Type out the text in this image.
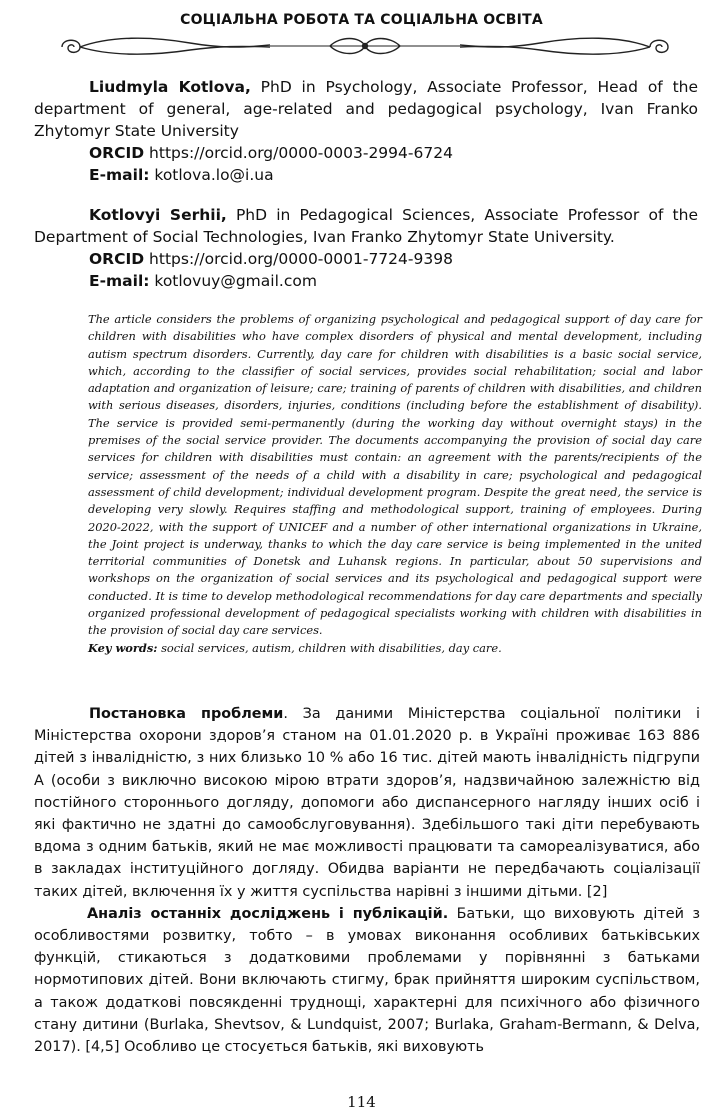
СОЦІАЛЬНА РОБОТА ТА СОЦІАЛЬНА ОСВІТА
Liudmyla Kotlova, PhD in Psychology, Associate Professor, Head of the department of general, age-related and pedagogical psychology, Ivan Franko Zhytomyr State University
ORCID https://orcid.org/0000-0003-2994-6724
E-mail: kotlova.lo@i.ua
Kotlovyi Serhii, PhD in Pedagogical Sciences, Associate Professor of the Department of Social Technologies, Ivan Franko Zhytomyr State University.
ORCID https://orcid.org/0000-0001-7724-9398
E-mail: kotlovuy@gmail.com
The article considers the problems of organizing psychological and pedagogical support of day care for children with disabilities who have complex disorders of physical and mental development, including autism spectrum disorders. Currently, day care for children with disabilities is a basic social service, which, according to the classifier of social services, provides social rehabilitation; social and labor adaptation and organization of leisure; care; training of parents of children with disabilities, and children with serious diseases, disorders, injuries, conditions (including before the establishment of disability). The service is provided semi-permanently (during the working day without overnight stays) in the premises of the social service provider. The documents accompanying the provision of social day care services for children with disabilities must contain: an agreement with the parents/recipients of the service; assessment of the needs of a child with a disability in care; psychological and pedagogical assessment of child development; individual development program. Despite the great need, the service is developing very slowly. Requires staffing and methodological support, training of employees. During 2020-2022, with the support of UNICEF and a number of other international organizations in Ukraine, the Joint project is underway, thanks to which the day care service is being implemented in the united territorial communities of Donetsk and Luhansk regions. In particular, about 50 supervisions and workshops on the organization of social services and its psychological and pedagogical support were conducted. It is time to develop methodological recommendations for day care departments and specially organized professional development of pedagogical specialists working with children with disabilities in the provision of social day care services.
Key words: social services, autism, children with disabilities, day care.

Постановка проблеми. За даними Міністерства соціальної політики і Міністерства охорони здоров’я станом на 01.01.2020 р. в Україні проживає 163 886 дітей з інвалідністю, з них близько 10 % або 16 тис. дітей мають інвалідність підгрупи А (особи з виключно високою мірою втрати здоров’я, надзвичайною залежністю від постійного стороннього догляду, допомоги або диспансерного нагляду інших осіб і які фактично не здатні до самообслуговування). Здебільшого такі діти перебувають вдома з одним батьків, який не має можливості працювати та самореалізуватися, або в закладах інституційного догляду. Обидва варіанти не передбачають соціалізації таких дітей, включення їх у життя суспільства нарівні з іншими дітьми. [2]

Аналіз останніх досліджень і публікацій. Батьки, що виховують дітей з особливостями розвитку, тобто – в умовах виконання особливих батьківських функцій, стикаються з додатковими проблемами у порівнянні з батьками нормотипових дітей. Вони включають стигму, брак прийняття широким суспільством, а також додаткові повсякденні труднощі, характерні для психічного або фізичного стану дитини (Burlaka, Shevtsov, & Lundquist, 2007; Burlaka, Graham-Bermann, & Delva, 2017). [4,5] Особливо це стосується батьків, які виховують

114
